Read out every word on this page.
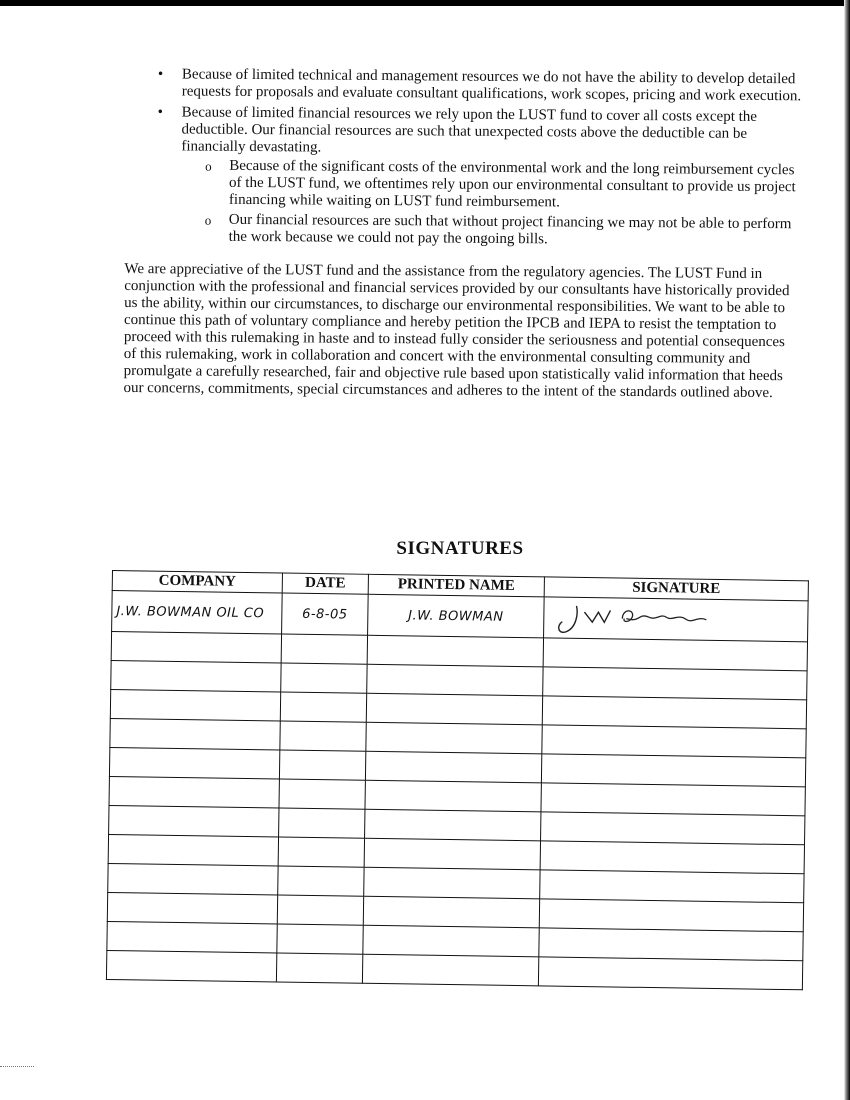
• Because of limited technical and management resources we do not have the ability to develop detailed requests for proposals and evaluate consultant qualifications, work scopes, pricing and work execution.
• Because of limited financial resources we rely upon the LUST fund to cover all costs except the deductible. Our financial resources are such that unexpected costs above the deductible can be financially devastating.
o Because of the significant costs of the environmental work and the long reimbursement cycles of the LUST fund, we oftentimes rely upon our environmental consultant to provide us project financing while waiting on LUST fund reimbursement.
o Our financial resources are such that without project financing we may not be able to perform the work because we could not pay the ongoing bills.

We are appreciative of the LUST fund and the assistance from the regulatory agencies. The LUST Fund in conjunction with the professional and financial services provided by our consultants have historically provided us the ability, within our circumstances, to discharge our environmental responsibilities. We want to be able to continue this path of voluntary compliance and hereby petition the IPCB and IEPA to resist the temptation to proceed with this rulemaking in haste and to instead fully consider the seriousness and potential consequences of this rulemaking, work in collaboration and concert with the environmental consulting community and promulgate a carefully researched, fair and objective rule based upon statistically valid information that heeds our concerns, commitments, special circumstances and adheres to the intent of the standards outlined above.

SIGNATURES
COMPANY	DATE	PRINTED NAME	SIGNATURE
J.W. BOWMAN OIL CO	6-8-05	J.W. BOWMAN	
